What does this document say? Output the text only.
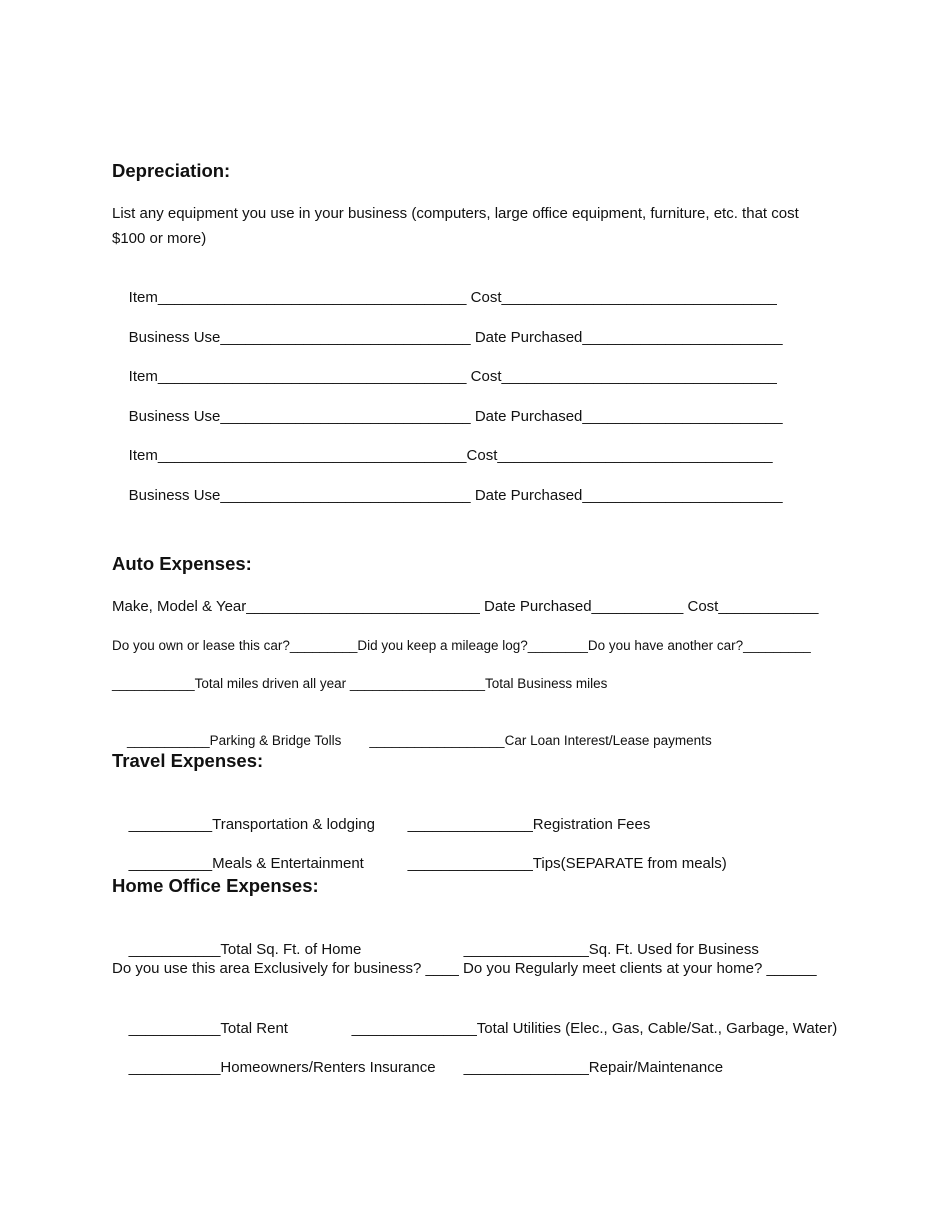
Depreciation:
List any equipment you use in your business (computers, large office equipment, furniture, etc. that cost
$100 or more)

Item_____________________________________ Cost_________________________________

Business Use______________________________ Date Purchased________________________

Item_____________________________________ Cost_________________________________

Business Use______________________________ Date Purchased________________________

Item_____________________________________Cost_________________________________

Business Use______________________________ Date Purchased________________________

Auto Expenses:
Make, Model & Year____________________________ Date Purchased___________ Cost____________
Do you own or lease this car?_________Did you keep a mileage log?________Do you have another car?_________
___________Total miles driven all year __________________Total Business miles

___________Parking & Bridge Tolls __________________Car Loan Interest/Lease payments

Travel Expenses:

__________Transportation & lodging _______________Registration Fees

__________Meals & Entertainment	_______________Tips(SEPARATE from meals)

Home Office Expenses:

___________Total Sq. Ft. of Home	_______________Sq. Ft. Used for Business

Do you use this area Exclusively for business? ____ Do you Regularly meet clients at your home? ______

___________Total Rent	_______________Total Utilities (Elec., Gas, Cable/Sat., Garbage, Water)

___________Homeowners/Renters Insurance _______________Repair/Maintenance
